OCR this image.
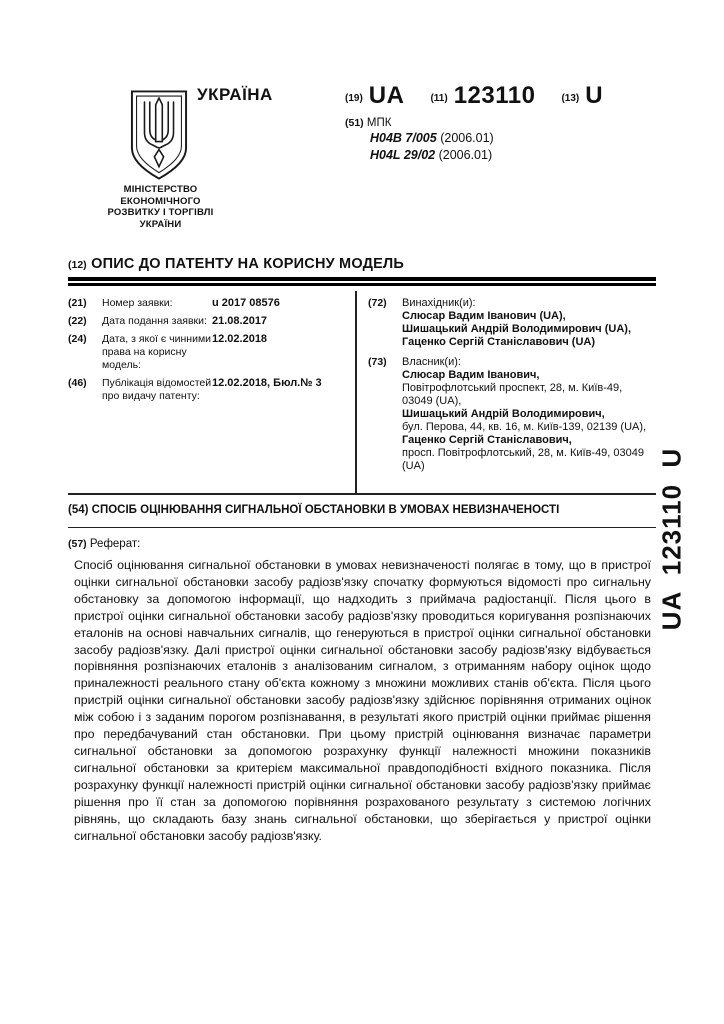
МІНІСТЕРСТВО
ЕКОНОМІЧНОГО
РОЗВИТКУ І ТОРГІВЛІ
УКРАЇНИ
УКРАЇНА	(19) UA	(11) 123110	(13) U
(51) МПК
H04B 7/005 (2006.01)
H04L 29/02 (2006.01)
(12) ОПИС ДО ПАТЕНТУ НА КОРИСНУ МОДЕЛЬ
(21)	Номер заявки:	u 2017 08576
(22)	Дата подання заявки: 21.08.2017
(24)	Дата, з якої є чинними права на корисну модель:
12.02.2018
(46)	Публікація відомостей про видачу патенту:
12.02.2018, Бюл.№ 3
(72)	Винахідник(и):
Слюсар Вадим Іванович (UA),
Шишацький Андрій Володимирович (UA),
Гаценко Сергій Станіславович (UA)
(73)	Власник(и):
Слюсар Вадим Іванович,
Повітрофлотський проспект, 28, м. Київ-49, 03049 (UA),
Шишацький Андрій Володимирович,
бул. Перова, 44, кв. 16, м. Київ-139, 02139 (UA),
Гаценко Сергій Станіславович,
просп. Повітрофлотський, 28, м. Київ-49, 03049 (UA)
(54) СПОСІБ ОЦІНЮВАННЯ СИГНАЛЬНОЇ ОБСТАНОВКИ В УМОВАХ НЕВИЗНАЧЕНОСТІ
(57) Реферат:
Спосіб оцінювання сигнальної обстановки в умовах невизначеності полягає в тому, що в пристрої оцінки сигнальної обстановки засобу радіозв'язку спочатку формуються відомості про сигнальну обстановку за допомогою інформації, що надходить з приймача радіостанції. Після цього в пристрої оцінки сигнальної обстановки засобу радіозв'язку проводиться коригування розпізнаючих еталонів на основі навчальних сигналів, що генеруються в пристрої оцінки сигнальної обстановки засобу радіозв'язку. Далі пристрої оцінки сигнальної обстановки засобу радіозв'язку відбувається порівняння розпізнаючих еталонів з аналізованим сигналом, з отриманням набору оцінок щодо приналежності реального стану об'єкта кожному з множини можливих станів об'єкта. Після цього пристрій оцінки сигнальної обстановки засобу радіозв'язку здійснює порівняння отриманих оцінок між собою і з заданим порогом розпізнавання, в результаті якого пристрій оцінки приймає рішення про передбачуваний стан обстановки. При цьому пристрій оцінювання визначає параметри сигнальної обстановки за допомогою розрахунку функції належності множини показників сигнальної обстановки за критерієм максимальної правдоподібності вхідного показника. Після розрахунку функції належності пристрій оцінки сигнальної обстановки засобу радіозв'язку приймає рішення про її стан за допомогою порівняння розрахованого результату з системою логічних рівнянь, що складають базу знань сигнальної обстановки, що зберігається у пристрої оцінки сигнальної обстановки засобу радіозв'язку.
UA  123110  U
